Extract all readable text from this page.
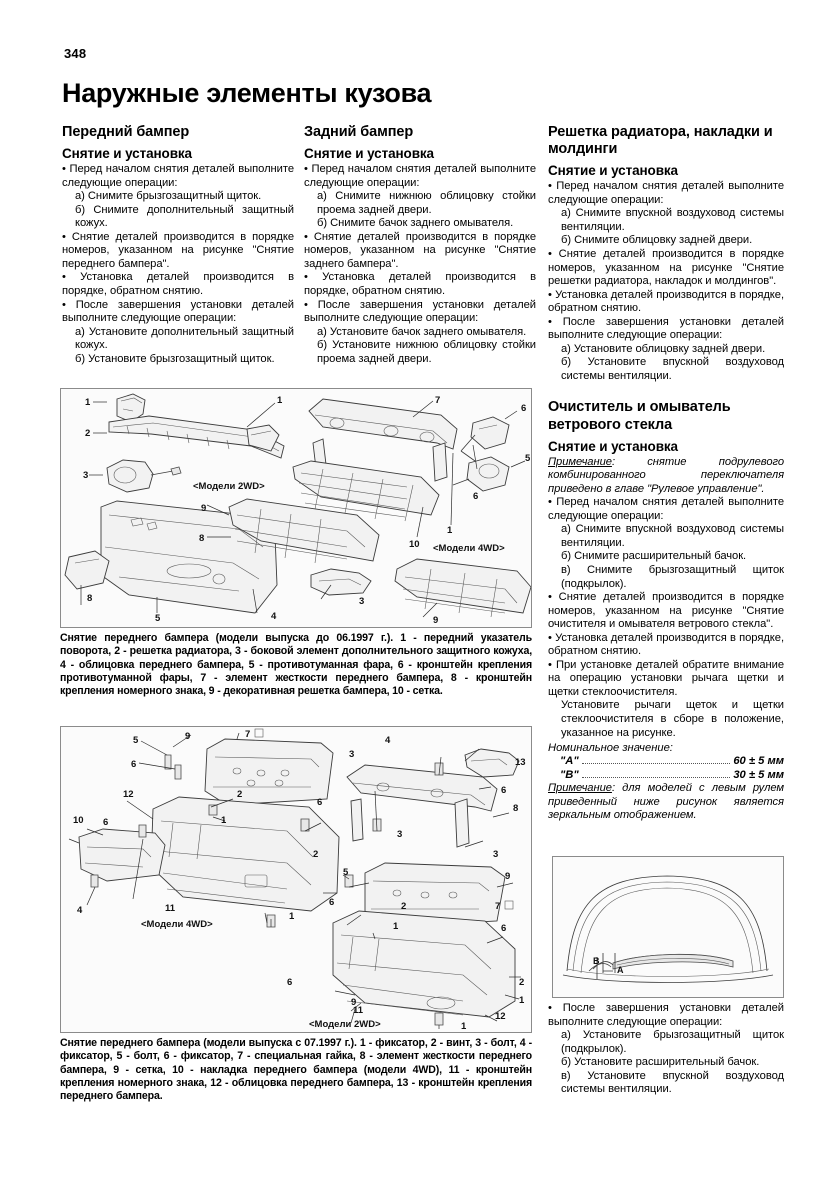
348
Наружные элементы кузова
Передний бампер
Снятие и установка

• Перед началом снятия деталей выполните следующие операции:

а) Снимите брызгозащитный щиток.

б) Снимите дополнительный защитный кожух.

• Снятие деталей производится в порядке номеров, указанном на рисунке "Снятие переднего бампера".

• Установка деталей производится в порядке, обратном снятию.

• После завершения установки деталей выполните следующие операции:

а) Установите дополнительный защитный кожух.

б) Установите брызгозащитный щиток.

Задний бампер
Снятие и установка

• Перед началом снятия деталей выполните следующие операции:

а) Снимите нижнюю облицовку стойки проема задней двери.

б) Снимите бачок заднего омывателя.

• Снятие деталей производится в порядке номеров, указанном на рисунке "Снятие заднего бампера".

• Установка деталей производится в порядке, обратном снятию.

• После завершения установки деталей выполните следующие операции:

а) Установите бачок заднего омывателя.

б) Установите нижнюю облицовку стойки проема задней двери.

Решетка радиатора, накладки и молдинги
Снятие и установка

• Перед началом снятия деталей выполните следующие операции:

а) Снимите впускной воздуховод системы вентиляции.

б) Снимите облицовку задней двери.

• Снятие деталей производится в порядке номеров, указанном на рисунке "Снятие решетки радиатора, накладок и молдингов".

• Установка деталей производится в порядке, обратном снятию.

• После завершения установки деталей выполните следующие операции:

а) Установите облицовку задней двери.

б) Установите впускной воздуховод системы вентиляции.

Очиститель и омыватель ветрового стекла
Снятие и установка

Примечание: снятие подрулевого комбинированного переключателя приведено в главе "Рулевое управление".

• Перед началом снятия деталей выполните следующие операции:

а) Снимите впускной воздуховод системы вентиляции.

б) Снимите расширительный бачок.

в) Снимите брызгозащитный щиток (подкрылок).

• Снятие деталей производится в порядке номеров, указанном на рисунке "Снятие очистителя и омывателя ветрового стекла".

• Установка деталей производится в порядке, обратном снятию.

• При установке деталей обратите внимание на операцию установки рычага щетки и щетки стеклоочистителя.

Установите рычаги щеток и щетки стеклоочистителя в сборе в положение, указанное на рисунке.

Номинальное значение:

"A"	60 ± 5 мм
"B"	30 ± 5 мм

Примечание: для моделей с левым рулем приведенный ниже рисунок является зеркальным отображением.

• После завершения установки деталей выполните следующие операции:

а) Установите брызгозащитный щиток (подкрылок).

б) Установите расширительный бачок.

в) Установите впускной воздуховод системы вентиляции.

1
2
3
4
1
5
3
8
9
8
10
7
6
5
9
1
6
<Модели 2WD>
<Модели 4WD>
Снятие переднего бампера (модели выпуска до 06.1997 г.). 1 - передний указатель поворота, 2 - решетка радиатора, 3 - боковой элемент дополнительного защитного кожуха, 4 - облицовка переднего бампера, 5 - противотуманная фара, 6 - кронштейн крепления противотуманной фары, 7 - элемент жесткости переднего бампера, 8 - кронштейн крепления номерного знака, 9 - декоративная решетка бампера, 10 - сетка.
9	7
5
6
12
6
10
4	11
2
1
6
1
2
3
3
4
13
6
8
3
9
5
6	2
6
9
11
6
2
1
12
1
1
7
<Модели 4WD>
<Модели 2WD>
Снятие переднего бампера (модели выпуска с 07.1997 г.). 1 - фиксатор, 2 - винт, 3 - болт, 4 - фиксатор, 5 - болт, 6 - фиксатор, 7 - специальная гайка, 8 - элемент жесткости переднего бампера, 9 - сетка, 10 - накладка переднего бампера (модели 4WD), 11 - кронштейн крепления номерного знака, 12 - облицовка переднего бампера, 13 - кронштейн крепления переднего бампера.
B
A
